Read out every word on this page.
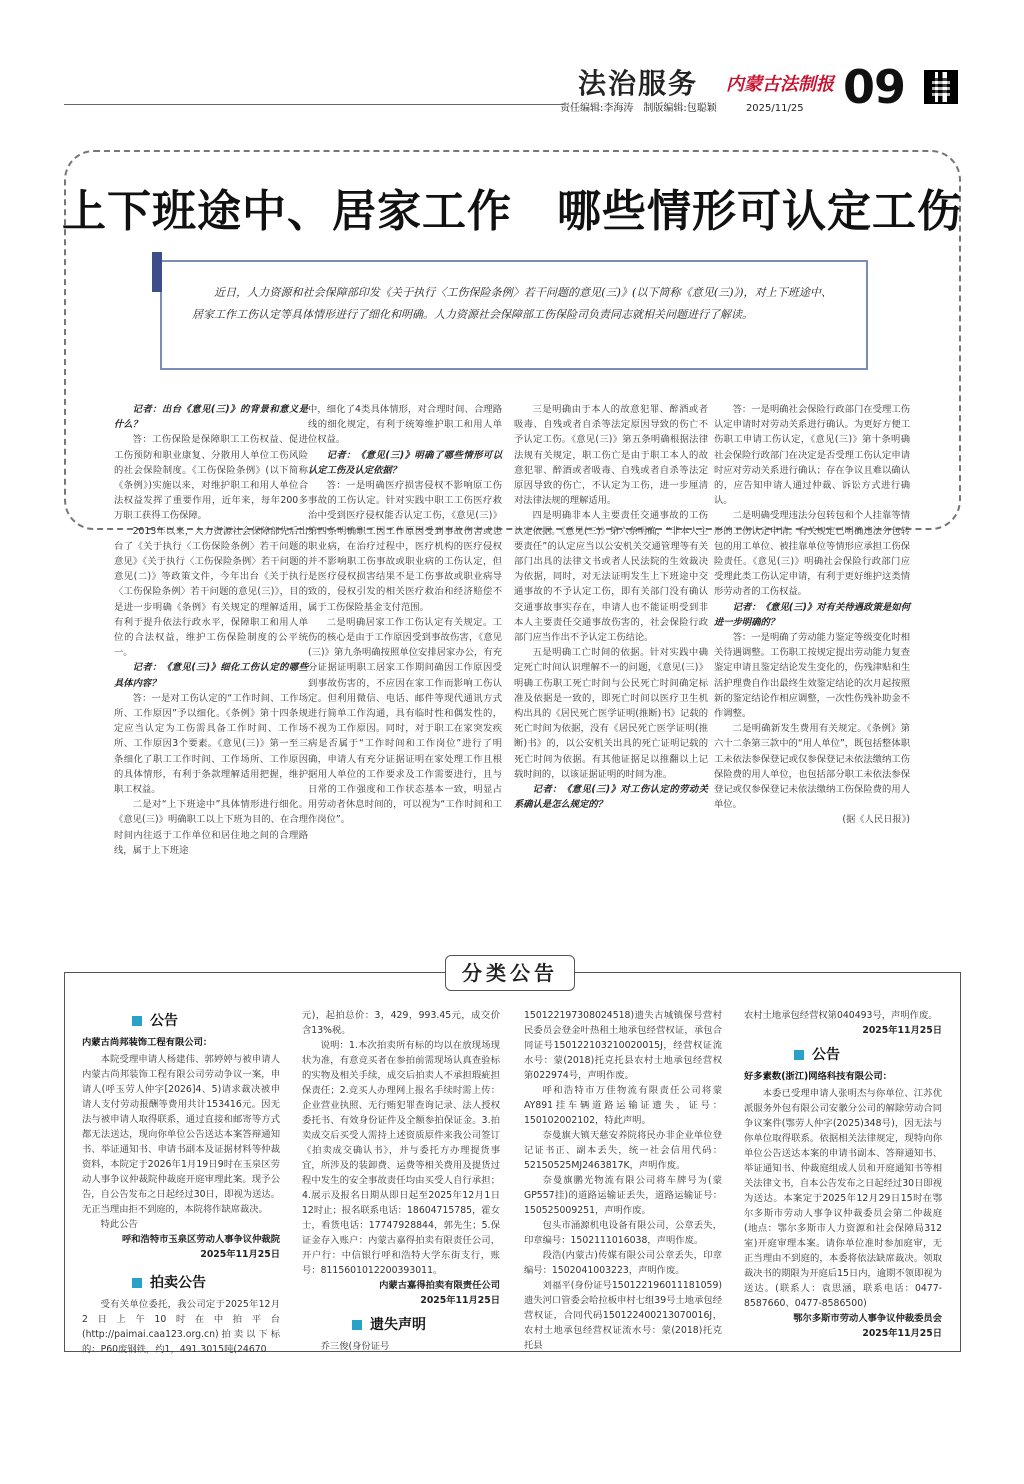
法治服务 内蒙古法制报 09
责任编辑:李海涛　制版编辑:包聪颖	2025/11/25
上下班途中、居家工作　哪些情形可认定工伤
近日，人力资源和社会保障部印发《关于执行〈工伤保险条例〉若干问题的意见(三)》(以下简称《意见(三)》)，对上下班途中、居家工作工伤认定等具体情形进行了细化和明确。人力资源社会保障部工伤保险司负责同志就相关问题进行了解读。

记者：出台《意见(三)》的背景和意义是什么？

答：工伤保险是保障职工工伤权益、促进工伤预防和职业康复、分散用人单位工伤风险的社会保险制度。《工伤保险条例》(以下简称《条例》)实施以来，对维护职工和用人单位合法权益发挥了重要作用，近年来，每年200多万职工获得工伤保障。

2013年以来，人力资源社会保障部先后出台了《关于执行〈工伤保险条例〉若干问题的意见》《关于执行〈工伤保险条例〉若干问题的意见(二)》等政策文件，今年出台《关于执行〈工伤保险条例〉若干问题的意见(三)》，目的是进一步明确《条例》有关规定的理解适用，有利于提升依法行政水平，保障职工和用人单位的合法权益，维护工伤保险制度的公平统一。

记者：《意见(三)》细化工伤认定的哪些具体内容？

答：一是对工伤认定的“工作时间、工作场所、工作原因”予以细化。《条例》第十四条规定应当认定为工伤需具备工作时间、工作场所、工作原因3个要素。《意见(三)》第一至三条细化了职工工作时间、工作场所、工作原因的具体情形，有利于条款理解适用把握，维护职工权益。

二是对“上下班途中”具体情形进行细化。《意见(三)》明确职工以上下班为目的、在合理时间内往返于工作单位和居住地之间的合理路线，属于上下班途

中，细化了4类具体情形，对合理时间、合理路线的细化规定，有利于统筹维护职工和用人单位权益。

记者：《意见(三)》明确了哪些情形可以认定工伤及认定依据？

答：一是明确医疗损害侵权不影响原工伤事故的工伤认定。针对实践中职工工伤医疗救治中受到医疗侵权能否认定工伤，《意见(三)》第四条明确职工因工作原因受到事故伤害或患职业病，在治疗过程中，医疗机构的医疗侵权并不影响职工伤事故或职业病的工伤认定，但是医疗侵权损害结果不是工伤事故或职业病导致的，侵权引发的相关医疗救治和经济赔偿不属于工伤保险基金支付范围。

二是明确居家工作工伤认定有关规定。工伤的核心是由于工作原因受到事故伤害，《意见(三)》第九条明确按照单位安排居家办公，有充分证据证明职工居家工作期间确因工作原因受到事故伤害的，不应因在家工作而影响工伤认定。但利用微信、电话、邮件等现代通讯方式进行简单工作沟通，具有临时性和偶发性的，不视为工作原因。同时，对于职工在家突发疾病是否属于“工作时间和工作岗位”进行了明确，申请人有充分证据证明在家处理工作且根据用人单位的工作要求及工作需要进行，且与日常的工作强度和工作状态基本一致，明显占用劳动者休息时间的，可以视为“工作时间和工作岗位”。

三是明确由于本人的故意犯罪、醉酒或者吸毒、自残或者自杀等法定原因导致的伤亡不予认定工伤。《意见(三)》第五条明确根据法律法规有关规定，职工伤亡是由于职工本人的故意犯罪、醉酒或者吸毒、自残或者自杀等法定原因导致的伤亡，不认定为工伤，进一步厘清对法律法规的理解适用。

四是明确非本人主要责任交通事故的工伤认定依据。《意见(三)》第六条明确，“非本人主要责任”的认定应当以公安机关交通管理等有关部门出具的法律文书或者人民法院的生效裁决为依据，同时，对无法证明发生上下班途中交通事故的不予认定工伤，即有关部门没有确认交通事故事实存在，申请人也不能证明受到非本人主要责任交通事故伤害的，社会保险行政部门应当作出不予认定工伤结论。

五是明确工亡时间的依据。针对实践中确定死亡时间认识理解不一的问题，《意见(三)》明确工伤职工死亡时间与公民死亡时间确定标准及依据是一致的，即死亡时间以医疗卫生机构出具的《居民死亡医学证明(推断)书》记载的死亡时间为依据，没有《居民死亡医学证明(推断)书》的，以公安机关出具的死亡证明记载的死亡时间为依据。有其他证据足以推翻以上记载时间的，以该证据证明的时间为准。

记者：《意见(三)》对工伤认定的劳动关系确认是怎么规定的？

答：一是明确社会保险行政部门在受理工伤认定申请时对劳动关系进行确认。为更好方便工伤职工申请工伤认定，《意见(三)》第十条明确社会保险行政部门在决定是否受理工伤认定申请时应对劳动关系进行确认；存在争议且难以确认的，应告知申请人通过仲裁、诉讼方式进行确认。

二是明确受理违法分包转包和个人挂靠等情形的工伤认定申请。有关规定已明确违法分包转包的用工单位、被挂靠单位等情形应承担工伤保险责任。《意见(三)》明确社会保险行政部门应受理此类工伤认定申请，有利于更好维护这类情形劳动者的工伤权益。

记者：《意见(三)》对有关待遇政策是如何进一步明确的？

答：一是明确了劳动能力鉴定等级变化时相关待遇调整。工伤职工按规定提出劳动能力复查鉴定申请且鉴定结论发生变化的，伤残津贴和生活护理费自作出最终生效鉴定结论的次月起按照新的鉴定结论作相应调整，一次性伤残补助金不作调整。

二是明确新发生费用有关规定。《条例》第六十二条第三款中的“用人单位”，既包括整体职工未依法参保登记或仅参保登记未依法缴纳工伤保险费的用人单位，也包括部分职工未依法参保登记或仅参保登记未依法缴纳工伤保险费的用人单位。

(据《人民日报》)

分类公告
公告

内蒙古尚邦装饰工程有限公司：

本院受理申请人杨建伟、郭婷婷与被申请人内蒙古尚邦装饰工程有限公司劳动争议一案，申请人(呼玉劳人仲字[2026]4、5)请求裁决被申请人支付劳动报酬等费用共计153416元。因无法与被申请人取得联系，通过直接和邮寄等方式都无法送达，现向你单位公告送达本案答辩通知书、举证通知书、申请书副本及证据材料等仲裁资料，本院定于2026年1月19日9时在玉泉区劳动人事争议仲裁院仲裁庭开庭审理此案。现予公告，自公告发布之日起经过30日，即视为送达。无正当理由拒不到庭的，本院将作缺席裁决。

特此公告

呼和浩特市玉泉区劳动人事争议仲裁院

2025年11月25日

拍卖公告

受有关单位委托，我公司定于2025年12月2日上午10时在中拍平台(http://paimai.caa123.org.cn)拍卖以下标的：P60废钢铁，约1，491.3015吨(24670

元)，起拍总价：3，429，993.45元，成交价含13%税。

说明：1.本次拍卖所有标的均以在放现场现状为准，有意竞买者在参拍前需现场认真查验标的实物及相关手续，成交后拍卖人不承担瑕疵担保责任；2.竞买人办理网上报名手续时需上传：企业营业执照、无行贿犯罪查询记录、法人授权委托书、有效身份证件及全额参拍保证金。3.拍卖成交后买受人需持上述资质原件来我公司签订《拍卖成交确认书》，并与委托方办理提货事宜，所涉及的装卸费、运费等相关费用及提货过程中发生的安全事故责任均由买受人自行承担；4.展示及报名日期从即日起至2025年12月1日12时止；报名联系电话：18604715785，霍女士，看货电话：17747928844，郭先生；5.保证金存入账户：内蒙古嘉得拍卖有限责任公司，开户行：中信银行呼和浩特大学东街支行，账号：8115601012200393011。

内蒙古嘉得拍卖有限责任公司

2025年11月25日

遗失声明

乔三俊(身份证号

150122197308024518)遗失古城镇保号营村民委员会登金叶热租土地承包经营权证，承包合同证号150122103210020015J，经营权证流水号：蒙(2018)托克托县农村土地承包经营权第022974号，声明作废。

呼和浩特市万佳物流有限责任公司将蒙AY891挂车辆道路运输证遗失，证号：150102002102，特此声明。

奈曼旗大镇天慈安养院将民办非企业单位登记证书正、副本丢失，统一社会信用代码：52150525MJ2463817K，声明作废。

奈曼旗鹏光物流有限公司将车牌号为(蒙GP557挂)的道路运输证丢失，道路运输证号：150525009251，声明作废。

包头市涌源机电设备有限公司，公章丢失，印章编号：1502111016038，声明作废。

段浩(内蒙古)传媒有限公司公章丢失，印章编号：1502041003223，声明作废。

刘福平(身份证号150122196011181059)遗失河口管委会哈拉板申村七组39号土地承包经营权证，合同代码150122400213070016J，农村土地承包经营权证流水号：蒙(2018)托克托县

农村土地承包经营权第040493号，声明作废。

2025年11月25日

公告

好多素数(浙江)网络科技有限公司：

本委已受理申请人张明杰与你单位、江苏优派服务外包有限公司安徽分公司的解除劳动合同争议案件(鄂劳人仲字(2025)348号)，因无法与你单位取得联系。依据相关法律规定，现特向你单位公告送达本案的申请书副本、答辩通知书、举证通知书、仲裁庭组成人员和开庭通知书等相关法律文书，自本公告发布之日起经过30日即视为送达。本案定于2025年12月29日15时在鄂尔多斯市劳动人事争议仲裁委员会第二仲裁庭(地点：鄂尔多斯市人力资源和社会保障局312室)开庭审理本案。请你单位准时参加庭审，无正当理由不到庭的，本委将依法缺席裁决。领取裁决书的期限为开庭后15日内，逾期不领即视为送达。(联系人：袁思涵，联系电话：0477-8587660、0477-8586500)

鄂尔多斯市劳动人事争议仲裁委员会

2025年11月25日
